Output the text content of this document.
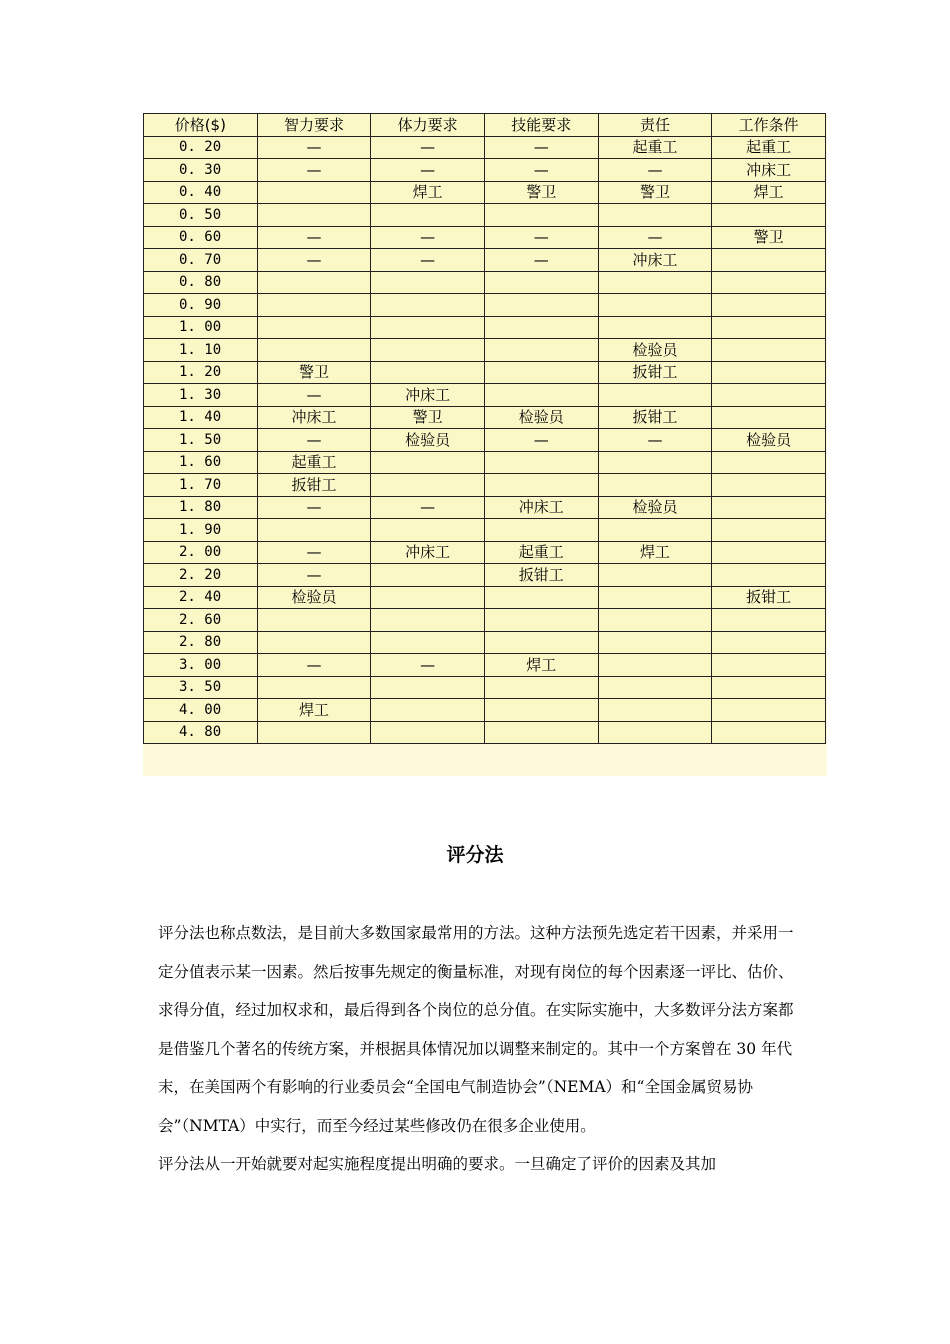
价格($)	智力要求	体力要求	技能要求	责任	工作条件
0. 20	—	—	—	起重工	起重工
0. 30	—	—	—	—	冲床工
0. 40		焊工	警卫	警卫	焊工
0. 50					
0. 60	—	—	—	—	警卫
0. 70	—	—	—	冲床工	
0. 80					
0. 90					
1. 00					
1. 10				检验员	
1. 20	警卫			扳钳工	
1. 30	—	冲床工			
1. 40	冲床工	警卫	检验员	扳钳工	
1. 50	—	检验员	—	—	检验员
1. 60	起重工				
1. 70	扳钳工				
1. 80	—	—	冲床工	检验员	
1. 90					
2. 00	—	冲床工	起重工	焊工	
2. 20	—		扳钳工		
2. 40	检验员				扳钳工
2. 60					
2. 80					
3. 00	—	—	焊工		
3. 50					
4. 00	焊工				
4. 80					
评分法

评分法也称点数法，是目前大多数国家最常用的方法。这种方法预先选定若干因素，并采用一定分值表示某一因素。然后按事先规定的衡量标准，对现有岗位的每个因素逐一评比、估价、求得分值，经过加权求和，最后得到各个岗位的总分值。在实际实施中，大多数评分法方案都是借鉴几个著名的传统方案，并根据具体情况加以调整来制定的。其中一个方案曾在 30 年代末，在美国两个有影响的行业委员会“全国电气制造协会”（NEMA）和“全国金属贸易协会”（NMTA）中实行，而至今经过某些修改仍在很多企业使用。

评分法从一开始就要对起实施程度提出明确的要求。一旦确定了评价的因素及其加
